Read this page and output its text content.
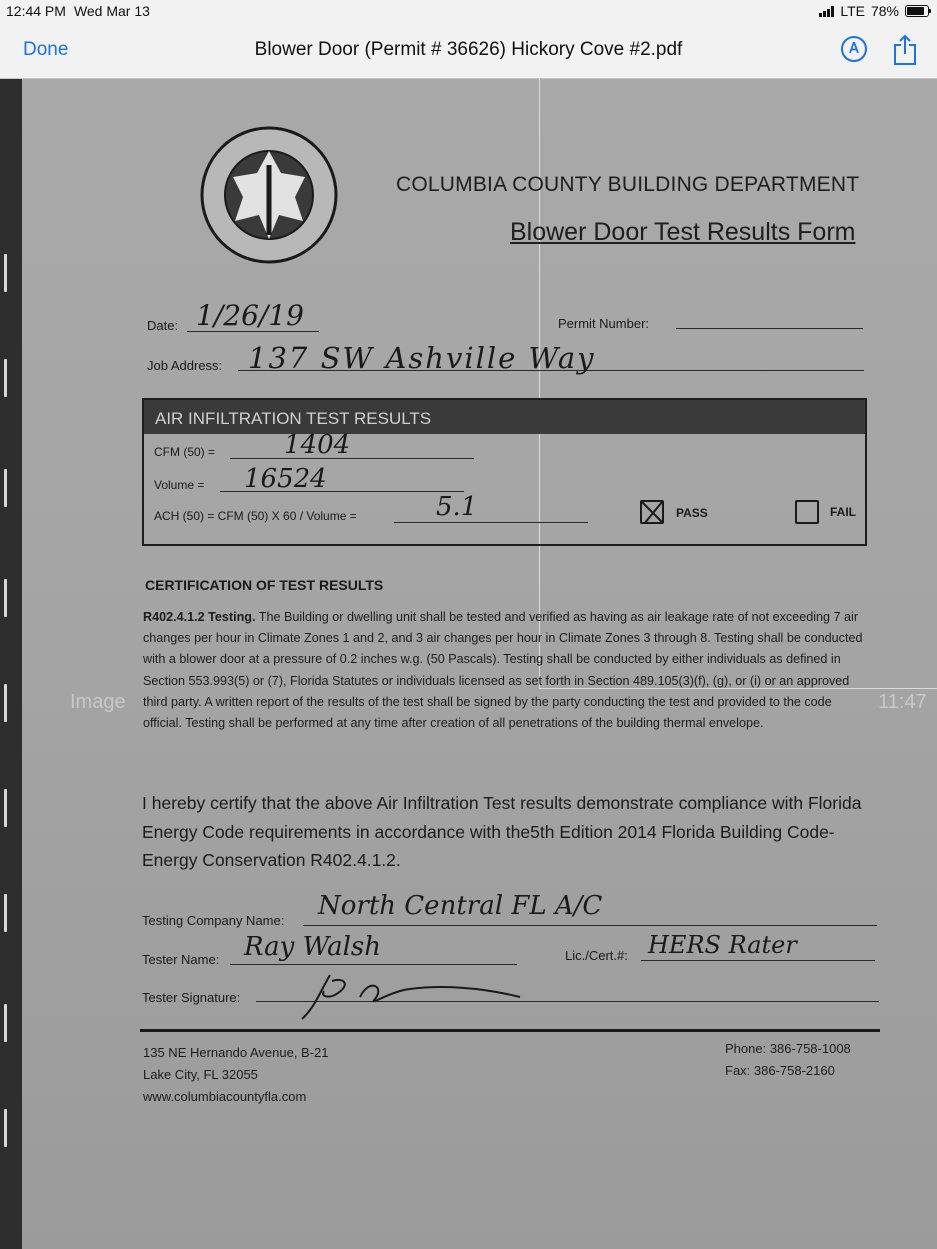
12:44 PM Wed Mar 13	LTE 78%
Done	Blower Door (Permit # 36626) Hickory Cove #2.pdf
COLUMBIA COUNTY BUILDING DEPARTMENT
Blower Door Test Results Form
Date: 1/26/19	Permit Number:
Job Address: 137 SW Ashville Way
AIR INFILTRATION TEST RESULTS
CFM (50) =	1404
Volume = 16524
ACH (50) = CFM (50) X 60 / Volume =	5.1	PASS	FAIL
CERTIFICATION OF TEST RESULTS
R402.4.1.2 Testing. The Building or dwelling unit shall be tested and verified as having as air leakage rate of not exceeding 7 air changes per hour in Climate Zones 1 and 2, and 3 air changes per hour in Climate Zones 3 through 8. Testing shall be conducted with a blower door at a pressure of 0.2 inches w.g. (50 Pascals). Testing shall be conducted by either individuals as defined in Section 553.993(5) or (7), Florida Statutes or individuals licensed as set forth in Section 489.105(3)(f), (g), or (i) or an approved third party. A written report of the results of the test shall be signed by the party conducting the test and provided to the code official. Testing shall be performed at any time after creation of all penetrations of the building thermal envelope.
Image	11:47
I hereby certify that the above Air Infiltration Test results demonstrate compliance with Florida Energy Code requirements in accordance with the5th Edition 2014 Florida Building Code-Energy Conservation R402.4.1.2.
Testing Company Name: North Central FL A/C
Tester Name: Ray Walsh	Lic./Cert.#: HERS Rater
Tester Signature:
135 NE Hernando Avenue, B-21
Lake City, FL 32055
www.columbiacountyfla.com
Phone: 386-758-1008
Fax: 386-758-2160
